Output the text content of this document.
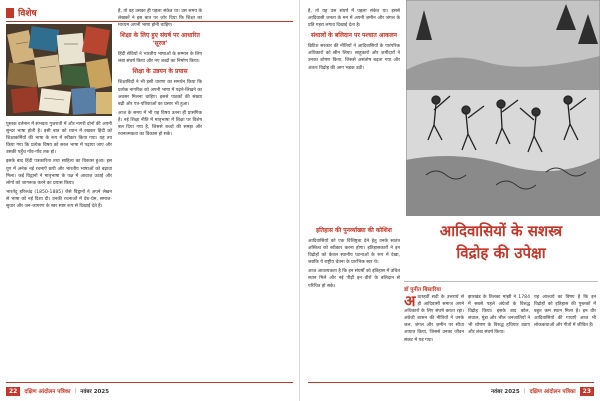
विशेष

पुस्तक वर्तमान में संभवतः गुजराती में और नागरी दोनों की अपनी सुन्दर भाषा होती है। इसी बात को ध्यान में रखकर हिंदी को शिक्षाकर्मियों की भाषा के रूप में स्वीकार किया गया। यह तय किया गया कि प्रत्येक विषय को सरल भाषा में पढ़ाया जाए और उसकी पहुँच गाँव-गाँव तक हो।

इसके बाद हिंदी पत्रकारिता तथा साहित्य का विकास हुआ। इस युग में अनेक नई रचनाएँ छपी और भारतीय भाषाओं को बढ़ावा मिला। कई विद्वानों ने मातृभाषा के पक्ष में आवाज़ उठाई और लोगों को जागरूक करने का प्रयास किया।

भारतेंदु हरिश्चंद्र (1850-1885) जैसे विद्वानों ने अपने लेखन से भाषा को नई दिशा दी। उनकी रचनाओं में देश-प्रेम, समाज-सुधार और जन-जागरण के स्वर स्पष्ट रूप से दिखाई देते हैं।

है, तो वह उसका ही पहला संकेत था। उस समय के लेखकों ने इस बात पर ज़ोर दिया कि शिक्षा का माध्यम अपनी भाषा होनी चाहिए।

शिक्षा के लिए हुए संघर्ष पर आधारित 'सूरज'

हिंदी सेवियों ने भारतीय भाषाओं के सम्मान के लिए लंबा संघर्ष किया और नए शब्दों का निर्माण किया।

शिक्षा के उन्नयन के प्रयास

शिक्षाविदों ने भी इसी धारणा का समर्थन किया कि प्रत्येक नागरिक को अपनी भाषा में पढ़ने-लिखने का अवसर मिलना चाहिए। इससे पाठकों की संख्या बढ़ी और पत्र-पत्रिकाओं का प्रसार भी हुआ।

आज के समय में भी यह विषय उतना ही प्रासंगिक है। नई शिक्षा नीति में मातृभाषा में शिक्षा पर विशेष बल दिया गया है, जिससे बच्चों की समझ और रचनात्मकता का विकास हो सके।

22	दक्षिण आंदोलन पत्रिका | नवंबर 2025

है, तो यह उस संघर्ष में पहला संकेत था। इससे आदिवासी जनता के मन में अपनी ज़मीन और जंगल के प्रति गहरा लगाव दिखाई देता है।

संथालों के बलिदान पर पश्चात आकलन

ब्रिटिश सरकार की नीतियों ने आदिवासियों के पारंपरिक अधिकारों को छीन लिया। साहूकारों और ज़मींदारों ने उनका शोषण किया, जिससे असंतोष बढ़ता गया और अंततः विद्रोह की आग भड़क उठी।

इतिहास की पुनर्व्याख्या की कोशिश

आदिवासियों को एक विशिष्ट्रता देने हेतु उनके स्वतंत्र अस्तित्व को स्वीकार करना होगा। इतिहासकारों ने इन विद्रोहों को केवल स्थानीय घटनाओं के रूप में देखा, जबकि ये राष्ट्रीय चेतना के प्रारंभिक स्वर थे।

आज आवश्यकता है कि इन संघर्षों को इतिहास में उचित स्थान मिले और नई पीढ़ी इन वीरों के बलिदान से परिचित हो सके।

आदिवासियों के सशस्त्र
विद्रोह की उपेक्षा
डॉ पुनीत बिसारिया
अ ठारहवीं सदी के उत्तरार्ध से ही आदिवासी समाज अपने अधिकारों के लिए संघर्ष करता रहा। अंग्रेजी शासन की नीतियों ने उनके जल, जंगल और ज़मीन पर सीधा आघात किया, जिससे उनका जीवन संकट में पड़ गया।

झारखंड के तिलका मांझी ने 1784 में सबसे पहले अंग्रेजों के विरुद्ध विद्रोह किया। इसके बाद कोल, संथाल, मुंडा और भील जनजातियों ने भी शोषण के विरुद्ध हथियार उठाए और लंबा संघर्ष किया।

यह आश्चर्य का विषय है कि इन विद्रोहों को इतिहास की पुस्तकों में बहुत कम स्थान मिला है। इन वीर आदिवासियों की गाथाएँ आज भी लोककथाओं और गीतों में जीवित हैं।

नवंबर 2025 | दक्षिण आंदोलन पत्रिका	23
